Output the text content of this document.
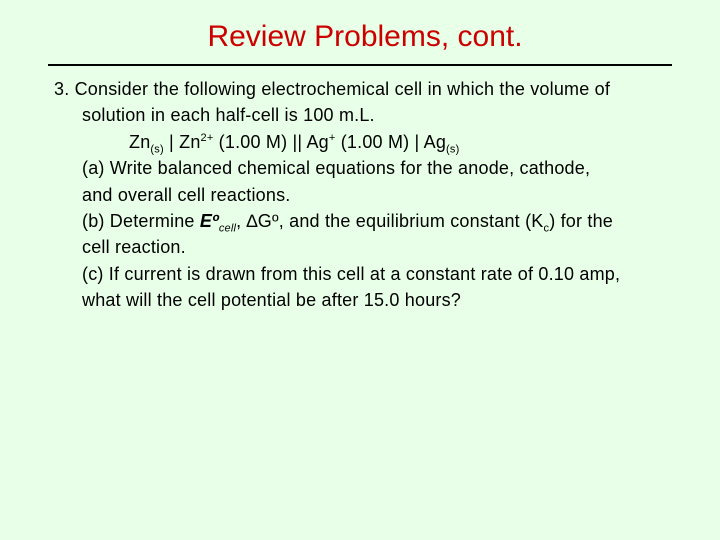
Review Problems, cont.
3. Consider the following electrochemical cell in which the volume of
solution in each half-cell is 100 m.L.
$Zn_{(s)}$ | $Zn^{2+}$ (1.00 M) || Ag+ (1.00 M) | $Ag_{(s)}$
(a) Write balanced chemical equations for the anode, cathode,
and overall cell reactions.
(b) Determine Eº$_{cell}$, ∆Gº, and the equilibrium constant $(K_c)$ for the
cell reaction.
(c) If current is drawn from this cell at a constant rate of 0.10 amp,
what will the cell potential be after 15.0 hours?
